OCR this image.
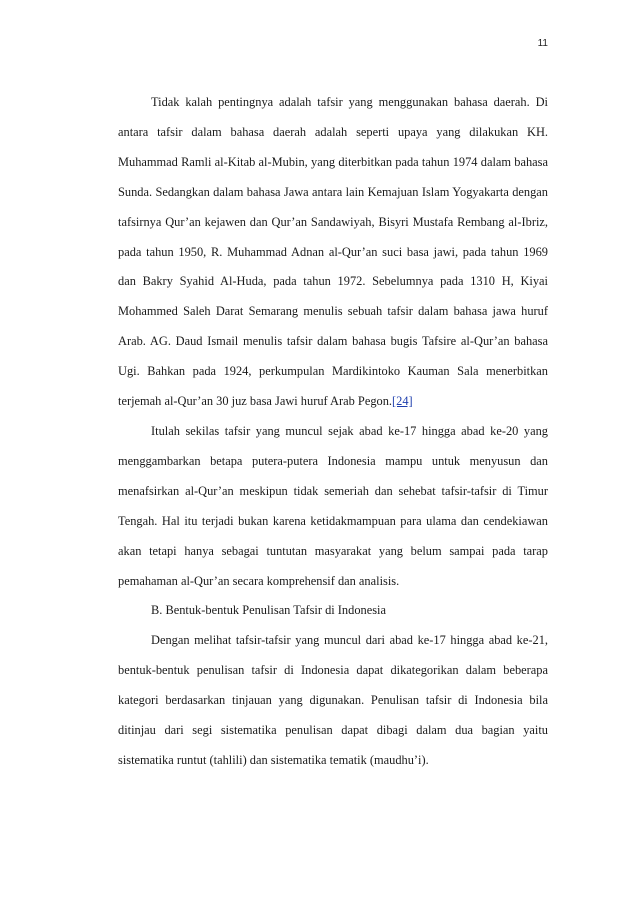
11

Tidak kalah pentingnya adalah tafsir yang menggunakan bahasa daerah. Di antara tafsir dalam bahasa daerah adalah seperti upaya yang dilakukan KH. Muhammad Ramli al-Kitab al-Mubin, yang diterbitkan pada tahun 1974 dalam bahasa Sunda. Sedangkan dalam bahasa Jawa antara lain Kemajuan Islam Yogyakarta dengan tafsirnya Qur’an kejawen dan Qur’an Sandawiyah, Bisyri Mustafa Rembang al-Ibriz, pada tahun 1950, R. Muhammad Adnan al-Qur’an suci basa jawi, pada tahun 1969 dan Bakry Syahid Al-Huda, pada tahun 1972. Sebelumnya pada 1310 H, Kiyai Mohammed Saleh Darat Semarang menulis sebuah tafsir dalam bahasa jawa huruf Arab. AG. Daud Ismail menulis tafsir dalam bahasa bugis Tafsire al-Qur’an bahasa Ugi. Bahkan pada 1924, perkumpulan Mardikintoko Kauman Sala menerbitkan terjemah al-Qur’an 30 juz basa Jawi huruf Arab Pegon.[24]

Itulah sekilas tafsir yang muncul sejak abad ke-17 hingga abad ke-20 yang menggambarkan betapa putera-putera Indonesia mampu untuk menyusun dan menafsirkan al-Qur’an meskipun tidak semeriah dan sehebat tafsir-tafsir di Timur Tengah. Hal itu terjadi bukan karena ketidakmampuan para ulama dan cendekiawan akan tetapi hanya sebagai tuntutan masyarakat yang belum sampai pada tarap pemahaman al-Qur’an secara komprehensif dan analisis.

B. Bentuk-bentuk Penulisan Tafsir di Indonesia

Dengan melihat tafsir-tafsir yang muncul dari abad ke-17 hingga abad ke-21, bentuk-bentuk penulisan tafsir di Indonesia dapat dikategorikan dalam beberapa kategori berdasarkan tinjauan yang digunakan. Penulisan tafsir di Indonesia bila ditinjau dari segi sistematika penulisan dapat dibagi dalam dua bagian yaitu sistematika runtut (tahlili) dan sistematika tematik (maudhu’i).
